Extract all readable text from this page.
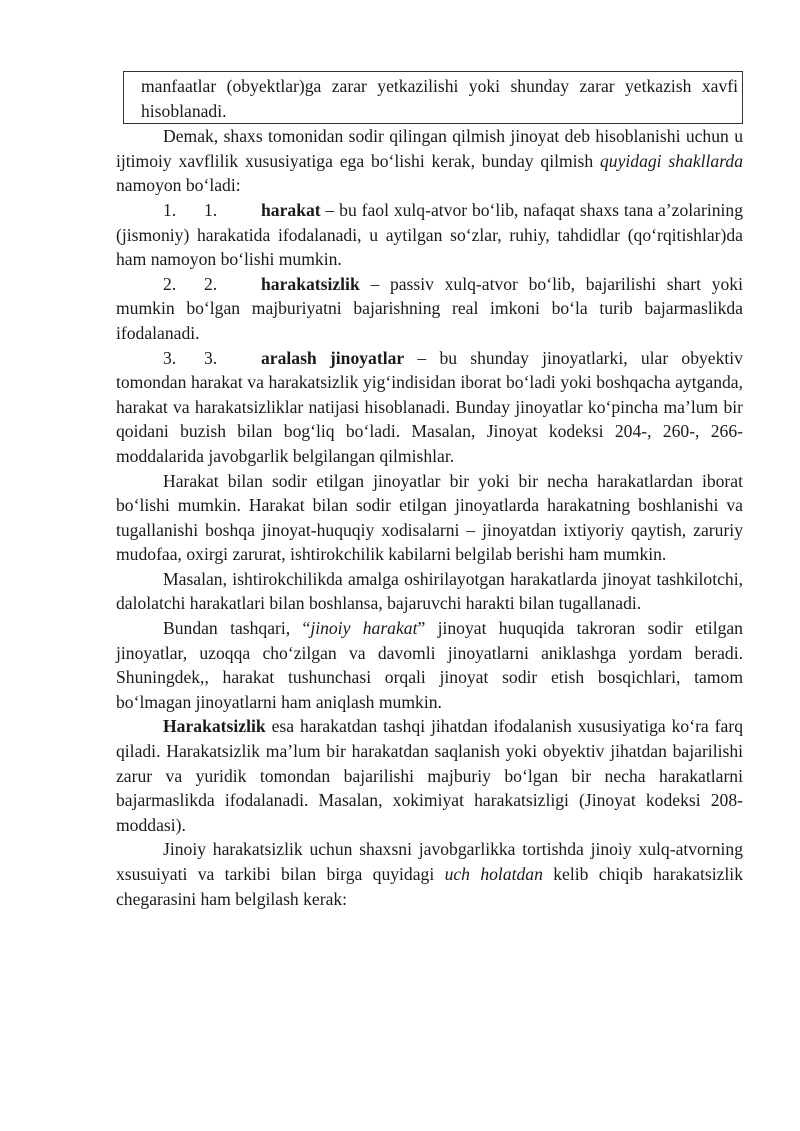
manfaatlar (obyektlar)ga zarar yetkazilishi yoki shunday zarar yetkazish xavfi hisoblanadi.

Demak, shaxs tomonidan sodir qilingan qilmish jinoyat deb hisoblanishi uchun u ijtimoiy xavflilik xususiyatiga ega boʻlishi kerak, bunday qilmish quyidagi shakllarda namoyon boʻladi:

1. 1. harakat – bu faol xulq-atvor boʻlib, nafaqat shaxs tana a’zolarining (jismoniy) harakatida ifodalanadi, u aytilgan soʻzlar, ruhiy, tahdidlar (qoʻrqitishlar)da ham namoyon boʻlishi mumkin.

2. 2. harakatsizlik – passiv xulq-atvor boʻlib, bajarilishi shart yoki mumkin boʻlgan majburiyatni bajarishning real imkoni boʻla turib bajarmaslikda ifodalanadi.

3. 3. aralash jinoyatlar – bu shunday jinoyatlarki, ular obyektiv tomondan harakat va harakatsizlik yigʻindisidan iborat boʻladi yoki boshqacha aytganda, harakat va harakatsizliklar natijasi hisoblanadi. Bunday jinoyatlar koʻpincha ma’lum bir qoidani buzish bilan bogʻliq boʻladi. Masalan, Jinoyat kodeksi 204-, 260-, 266-moddalarida javobgarlik belgilangan qilmishlar.

Harakat bilan sodir etilgan jinoyatlar bir yoki bir necha harakatlardan iborat boʻlishi mumkin. Harakat bilan sodir etilgan jinoyatlarda harakatning boshlanishi va tugallanishi boshqa jinoyat-huquqiy xodisalarni – jinoyatdan ixtiyoriy qaytish, zaruriy mudofaa, oxirgi zarurat, ishtirokchilik kabilarni belgilab berishi ham mumkin.

Masalan, ishtirokchilikda amalga oshirilayotgan harakatlarda jinoyat tashkilotchi, dalolatchi harakatlari bilan boshlansa, bajaruvchi harakti bilan tugallanadi.

Bundan tashqari, “jinoiy harakat” jinoyat huquqida takroran sodir etilgan jinoyatlar, uzoqqa choʻzilgan va davomli jinoyatlarni aniklashga yordam beradi. Shuningdek,, harakat tushunchasi orqali jinoyat sodir etish bosqichlari, tamom boʻlmagan jinoyatlarni ham aniqlash mumkin.

Harakatsizlik esa harakatdan tashqi jihatdan ifodalanish xususiyatiga koʻra farq qiladi. Harakatsizlik ma’lum bir harakatdan saqlanish yoki obyektiv jihatdan bajarilishi zarur va yuridik tomondan bajarilishi majburiy boʻlgan bir necha harakatlarni bajarmaslikda ifodalanadi. Masalan, xokimiyat harakatsizligi (Jinoyat kodeksi 208-moddasi).

Jinoiy harakatsizlik uchun shaxsni javobgarlikka tortishda jinoiy xulq-atvorning xsusuiyati va tarkibi bilan birga quyidagi uch holatdan kelib chiqib harakatsizlik chegarasini ham belgilash kerak:
